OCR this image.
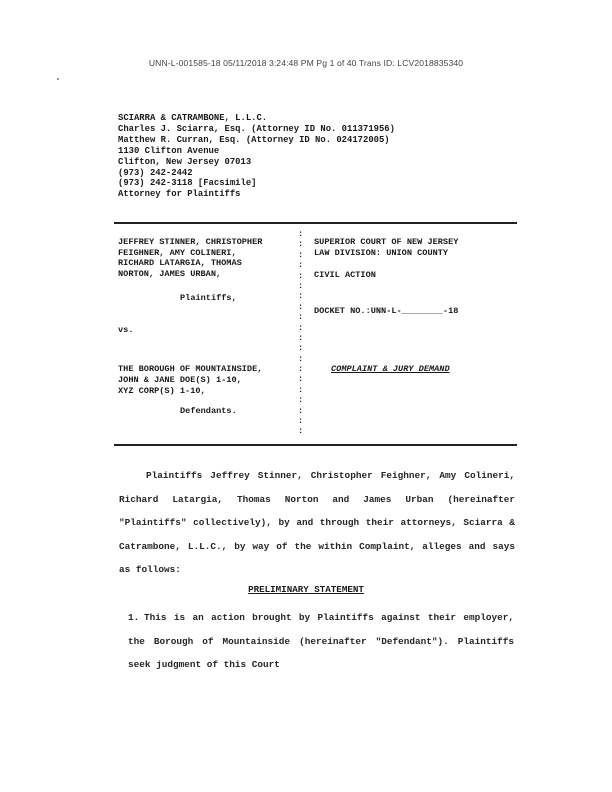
UNN-L-001585-18 05/11/2018 3:24:48 PM Pg 1 of 40 Trans ID: LCV2018835340
SCIARRA & CATRAMBONE, L.L.C.
Charles J. Sciarra, Esq. (Attorney ID No. 011371956)
Matthew R. Curran, Esq. (Attorney ID No. 024172005)
1130 Clifton Avenue
Clifton, New Jersey 07013
(973) 242-2442
(973) 242-3118 [Facsimile]
Attorney for Plaintiffs
JEFFREY STINNER, CHRISTOPHER
FEIGHNER, AMY COLINERI,
RICHARD LATARGIA, THOMAS
NORTON, JAMES URBAN,
Plaintiffs,
vs.
THE BOROUGH OF MOUNTAINSIDE,
JOHN & JANE DOE(S) 1-10,
XYZ CORP(S) 1-10,
Defendants.
:
:
:
:
:
:
:
:
:
:
:
:
:
:
:
:
:
:
:
:
SUPERIOR COURT OF NEW JERSEY
LAW DIVISION: UNION COUNTY
CIVIL ACTION
DOCKET NO.:UNN-L-________-18
COMPLAINT & JURY DEMAND
Plaintiffs Jeffrey Stinner, Christopher Feighner, Amy Colineri, Richard Latargia, Thomas Norton and James Urban (hereinafter "Plaintiffs" collectively), by and through their attorneys, Sciarra & Catrambone, L.L.C., by way of the within Complaint, alleges and says as follows:
PRELIMINARY STATEMENT
1. This is an action brought by Plaintiffs against their employer, the Borough of Mountainside (hereinafter "Defendant"). Plaintiffs seek judgment of this Court
